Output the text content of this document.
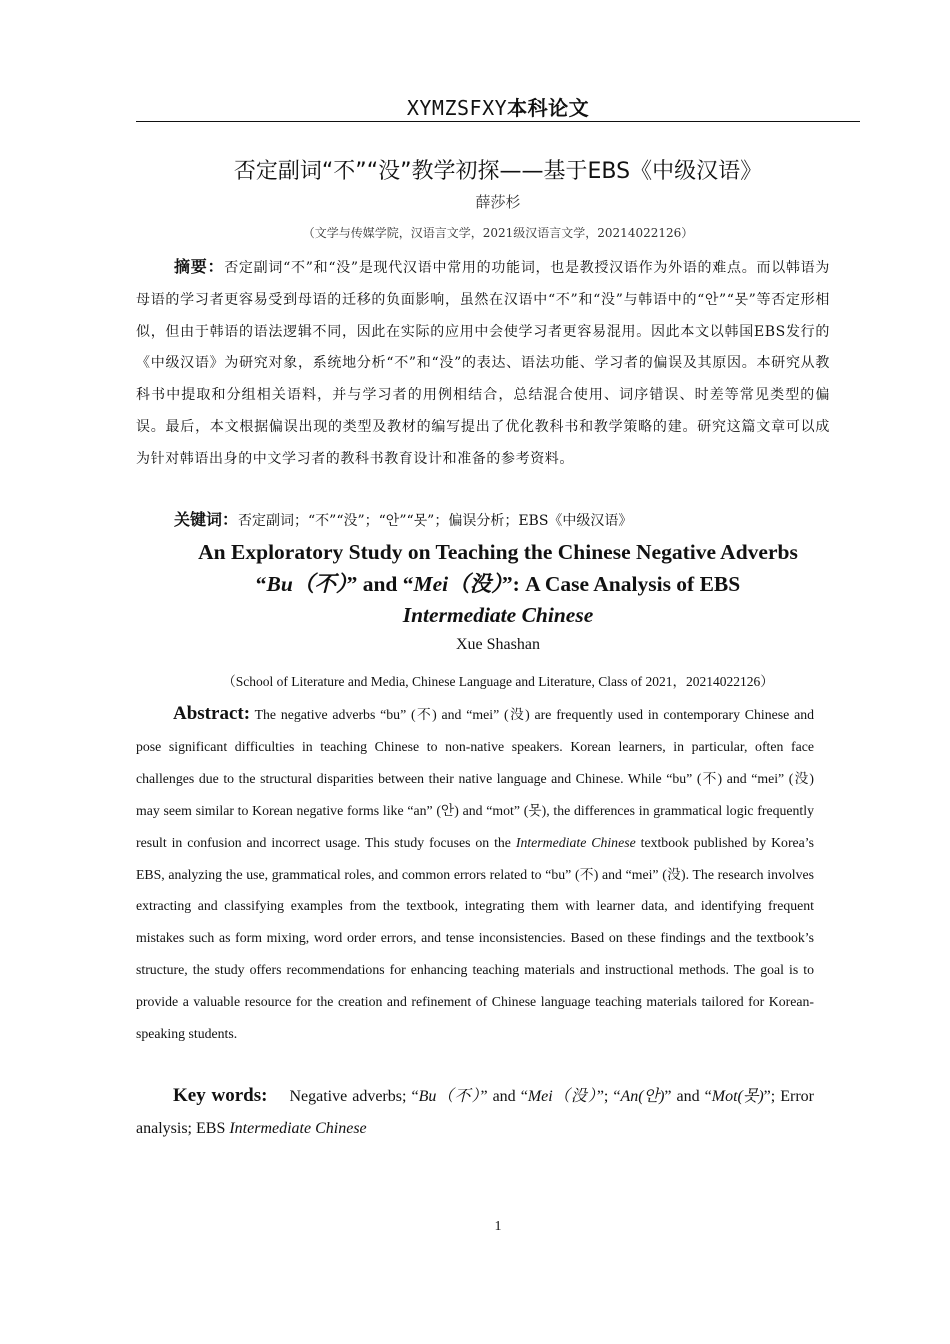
XYMZSFXY本科论文
否定副词“不”“没”教学初探——基于EBS《中级汉语》
薛莎杉
（文学与传媒学院，汉语言文学，2021级汉语言文学，20214022126）
摘要：否定副词“不”和“没”是现代汉语中常用的功能词，也是教授汉语作为外语的难点。而以韩语为母语的学习者更容易受到母语的迁移的负面影响，虽然在汉语中“不”和“没”与韩语中的“안”“못”等否定形相似，但由于韩语的语法逻辑不同，因此在实际的应用中会使学习者更容易混用。因此本文以韩国EBS发行的《中级汉语》为研究对象，系统地分析“不”和“没”的表达、语法功能、学习者的偏误及其原因。本研究从教科书中提取和分组相关语料，并与学习者的用例相结合，总结混合使用、词序错误、时差等常见类型的偏误。最后，本文根据偏误出现的类型及教材的编写提出了优化教科书和教学策略的建。研究这篇文章可以成为针对韩语出身的中文学习者的教科书教育设计和准备的参考资料。
关键词：否定副词；“不”“没”；“안”“못”；偏误分析；EBS《中级汉语》
An Exploratory Study on Teaching the Chinese Negative Adverbs
“Bu（不）” and “Mei（没）”: A Case Analysis of EBS
Intermediate Chinese
Xue Shashan
（School of Literature and Media, Chinese Language and Literature, Class of 2021，20214022126）
Abstract: The negative adverbs “bu” (不) and “mei” (没) are frequently used in contemporary Chinese and pose significant difficulties in teaching Chinese to non-native speakers. Korean learners, in particular, often face challenges due to the structural disparities between their native language and Chinese. While “bu” (不) and “mei” (没) may seem similar to Korean negative forms like “an” (안) and “mot” (못), the differences in grammatical logic frequently result in confusion and incorrect usage. This study focuses on the Intermediate Chinese textbook published by Korea’s EBS, analyzing the use, grammatical roles, and common errors related to “bu” (不) and “mei” (没). The research involves extracting and classifying examples from the textbook, integrating them with learner data, and identifying frequent mistakes such as form mixing, word order errors, and tense inconsistencies. Based on these findings and the textbook’s structure, the study offers recommendations for enhancing teaching materials and instructional methods. The goal is to provide a valuable resource for the creation and refinement of Chinese language teaching materials tailored for Korean-speaking students.
Key words: Negative adverbs; “Bu（不）” and “Mei（没）”; “An(안)” and “Mot(못)”; Error analysis; EBS Intermediate Chinese
1
